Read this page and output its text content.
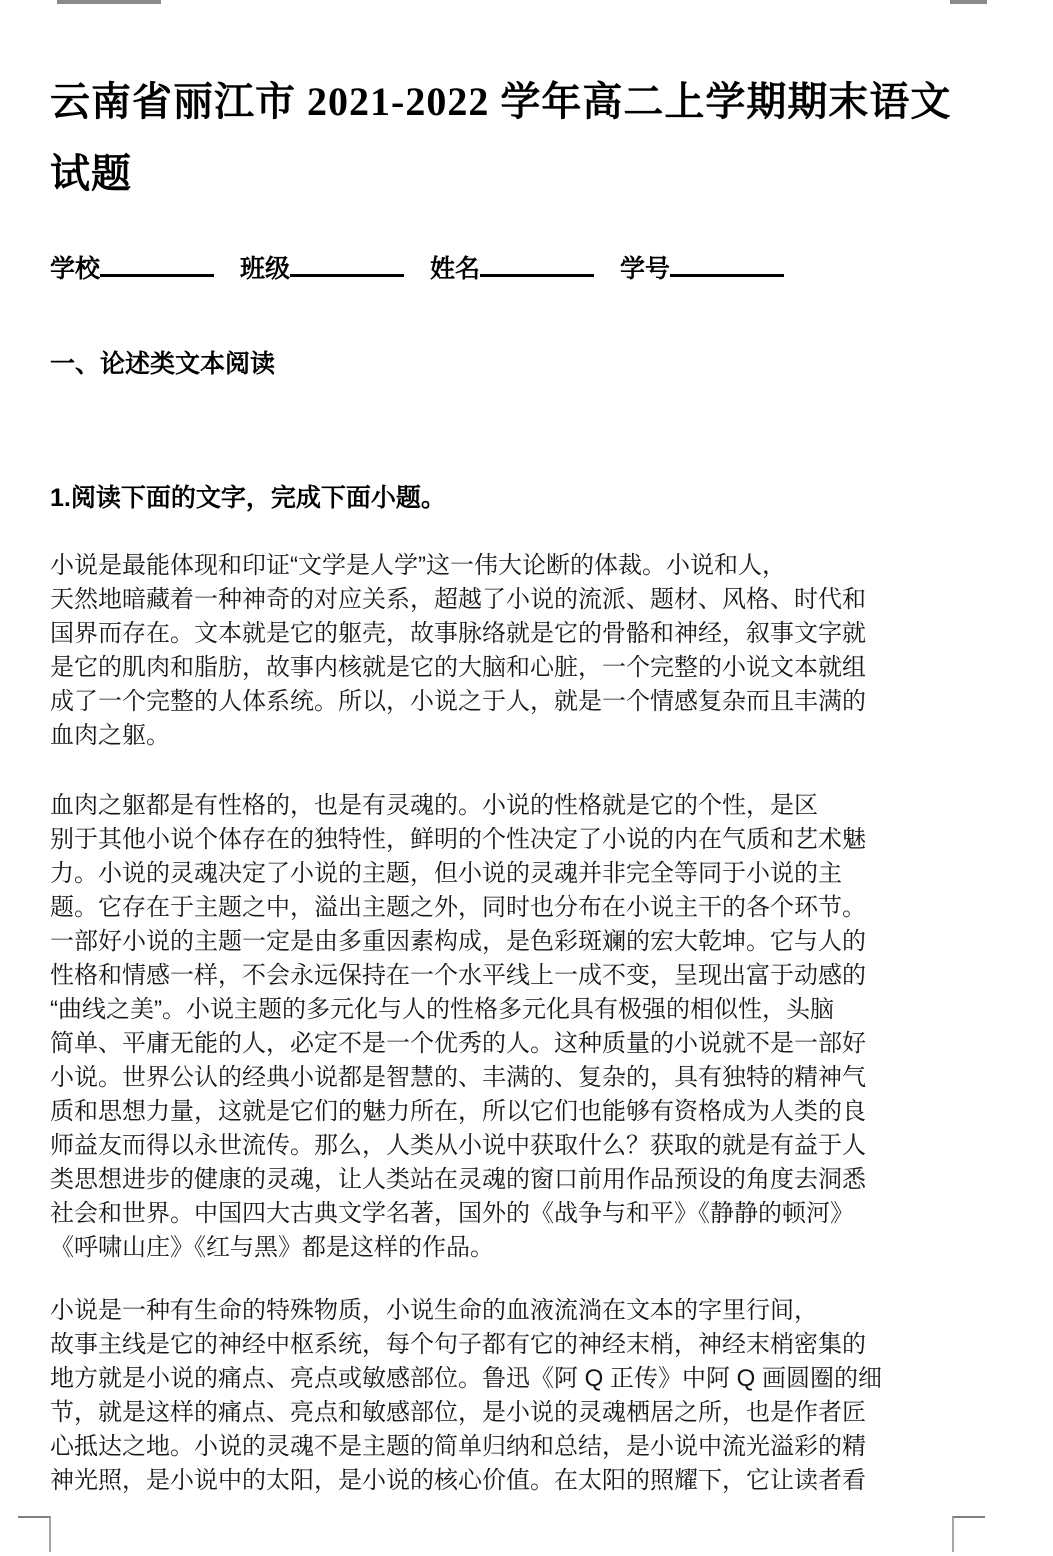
云南省丽江市 2021-2022 学年高二上学期期末语文
试题
学校	班级	姓名	学号
一、论述类文本阅读
1.阅读下面的文字，完成下面小题。
小说是最能体现和印证“文学是人学”这一伟大论断的体裁。小说和人，
天然地暗藏着一种神奇的对应关系，超越了小说的流派、题材、风格、时代和
国界而存在。文本就是它的躯壳，故事脉络就是它的骨骼和神经，叙事文字就
是它的肌肉和脂肪，故事内核就是它的大脑和心脏，一个完整的小说文本就组
成了一个完整的人体系统。所以，小说之于人，就是一个情感复杂而且丰满的
血肉之躯。
血肉之躯都是有性格的，也是有灵魂的。小说的性格就是它的个性，是区
别于其他小说个体存在的独特性，鲜明的个性决定了小说的内在气质和艺术魅
力。小说的灵魂决定了小说的主题，但小说的灵魂并非完全等同于小说的主
题。它存在于主题之中，溢出主题之外，同时也分布在小说主干的各个环节。
一部好小说的主题一定是由多重因素构成，是色彩斑斓的宏大乾坤。它与人的
性格和情感一样，不会永远保持在一个水平线上一成不变，呈现出富于动感的
“曲线之美”。小说主题的多元化与人的性格多元化具有极强的相似性，头脑
简单、平庸无能的人，必定不是一个优秀的人。这种质量的小说就不是一部好
小说。世界公认的经典小说都是智慧的、丰满的、复杂的，具有独特的精神气
质和思想力量，这就是它们的魅力所在，所以它们也能够有资格成为人类的良
师益友而得以永世流传。那么，人类从小说中获取什么？获取的就是有益于人
类思想进步的健康的灵魂，让人类站在灵魂的窗口前用作品预设的角度去洞悉
社会和世界。中国四大古典文学名著，国外的《战争与和平》《静静的顿河》
《呼啸山庄》《红与黑》都是这样的作品。
小说是一种有生命的特殊物质，小说生命的血液流淌在文本的字里行间，
故事主线是它的神经中枢系统，每个句子都有它的神经末梢，神经末梢密集的
地方就是小说的痛点、亮点或敏感部位。鲁迅《阿 Q 正传》中阿 Q 画圆圈的细
节，就是这样的痛点、亮点和敏感部位，是小说的灵魂栖居之所，也是作者匠
心抵达之地。小说的灵魂不是主题的简单归纳和总结，是小说中流光溢彩的精
神光照，是小说中的太阳，是小说的核心价值。在太阳的照耀下，它让读者看
